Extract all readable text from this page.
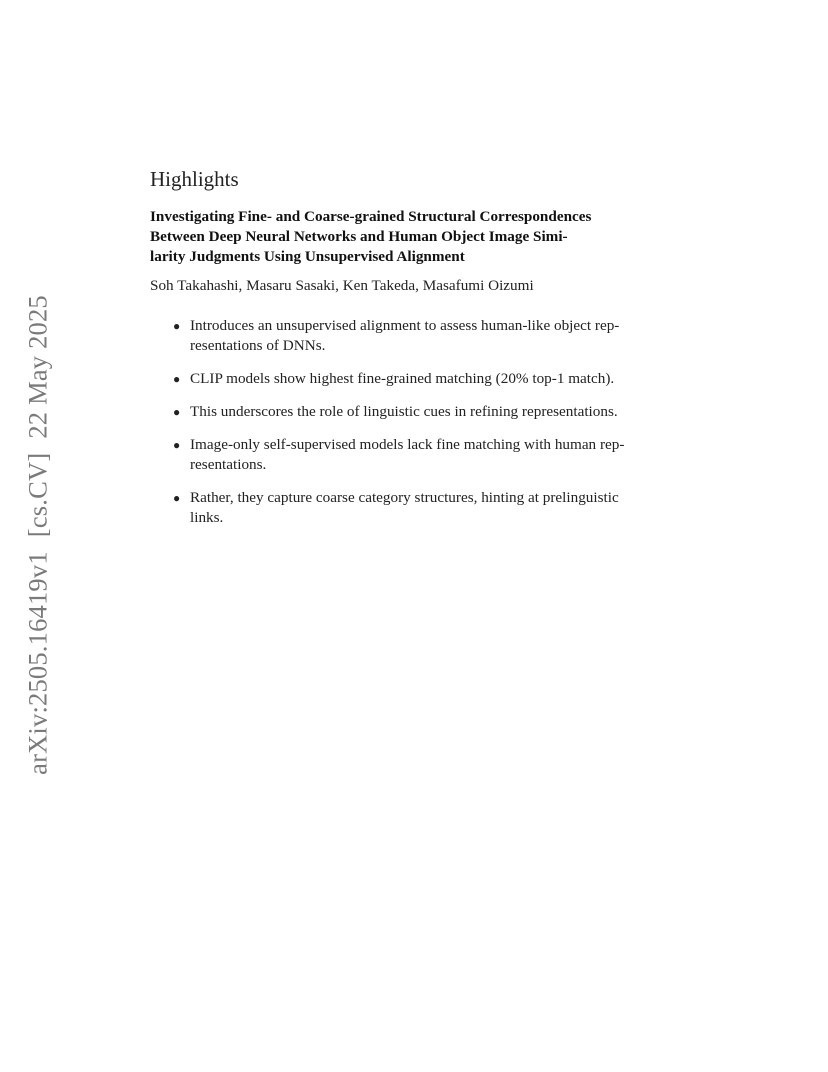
arXiv:2505.16419v1[cs.CV]22 May 2025
Highlights
Investigating Fine- and Coarse-grained Structural Correspondences
Between Deep Neural Networks and Human Object Image Simi-
larity Judgments Using Unsupervised Alignment
Soh Takahashi, Masaru Sasaki, Ken Takeda, Masafumi Oizumi
● Introduces an unsupervised alignment to assess human-like object rep-
resentations of DNNs.
● CLIP models show highest fine-grained matching (20% top-1 match).
● This underscores the role of linguistic cues in refining representations.
● Image-only self-supervised models lack fine matching with human rep-
resentations.
● Rather, they capture coarse category structures, hinting at prelinguistic
links.
